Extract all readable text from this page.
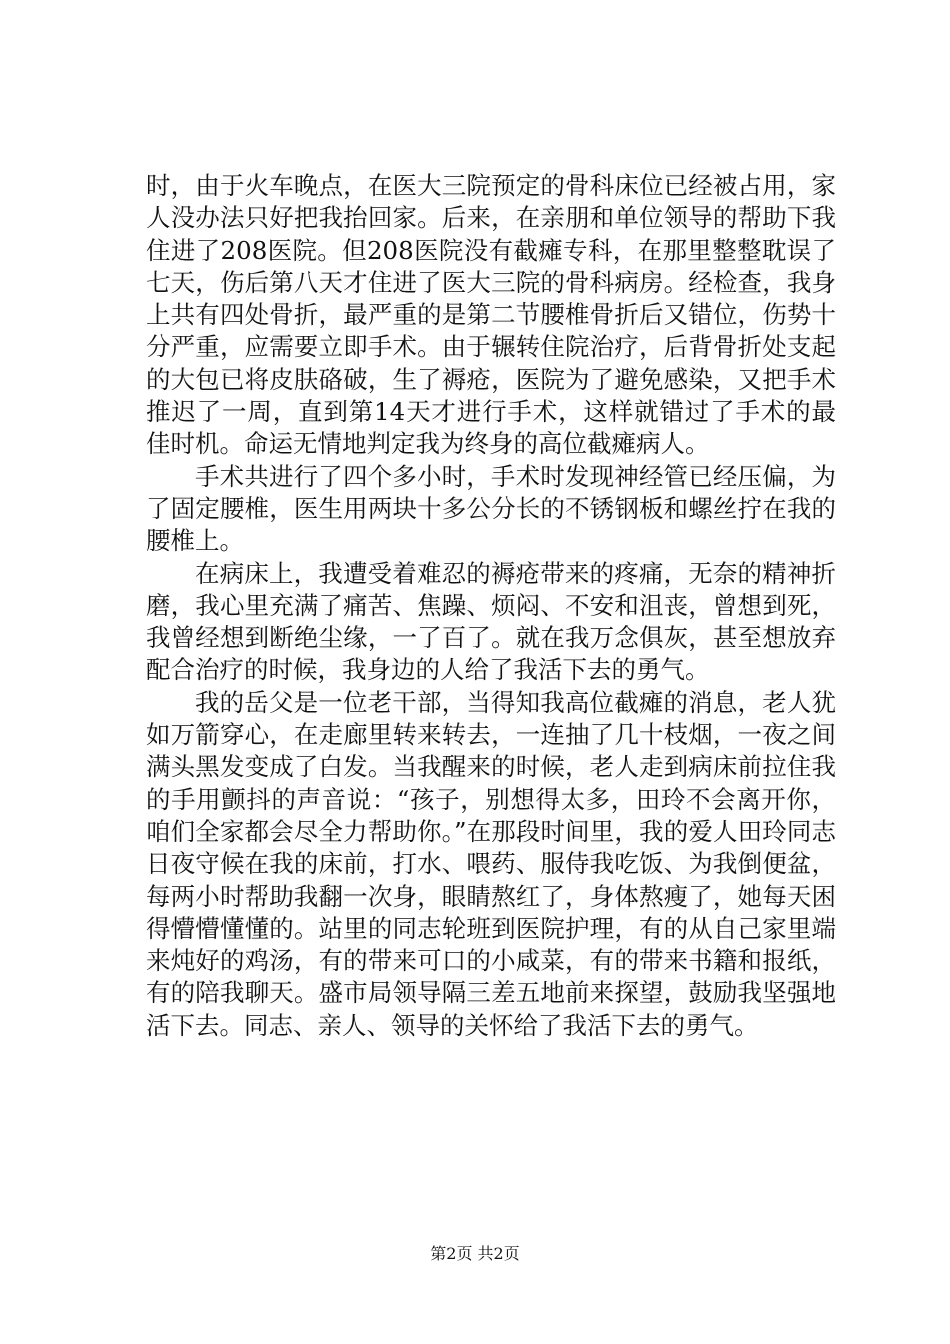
时，由于火车晚点，在医大三院预定的骨科床位已经被占用，家人没办法只好把我抬回家。后来，在亲朋和单位领导的帮助下我住进了208医院。但208医院没有截瘫专科，在那里整整耽误了七天，伤后第八天才住进了医大三院的骨科病房。经检查，我身上共有四处骨折，最严重的是第二节腰椎骨折后又错位，伤势十分严重，应需要立即手术。由于辗转住院治疗，后背骨折处支起的大包已将皮肤硌破，生了褥疮，医院为了避免感染，又把手术推迟了一周，直到第14天才进行手术，这样就错过了手术的最佳时机。命运无情地判定我为终身的高位截瘫病人。

手术共进行了四个多小时，手术时发现神经管已经压偏，为了固定腰椎，医生用两块十多公分长的不锈钢板和螺丝拧在我的腰椎上。

在病床上，我遭受着难忍的褥疮带来的疼痛，无奈的精神折磨，我心里充满了痛苦、焦躁、烦闷、不安和沮丧，曾想到死，我曾经想到断绝尘缘，一了百了。就在我万念俱灰，甚至想放弃配合治疗的时候，我身边的人给了我活下去的勇气。

我的岳父是一位老干部，当得知我高位截瘫的消息，老人犹如万箭穿心，在走廊里转来转去，一连抽了几十枝烟，一夜之间满头黑发变成了白发。当我醒来的时候，老人走到病床前拉住我的手用颤抖的声音说：“孩子，别想得太多，田玲不会离开你，咱们全家都会尽全力帮助你。”在那段时间里，我的爱人田玲同志日夜守候在我的床前，打水、喂药、服侍我吃饭、为我倒便盆，每两小时帮助我翻一次身，眼睛熬红了，身体熬瘦了，她每天困得懵懵懂懂的。站里的同志轮班到医院护理，有的从自己家里端来炖好的鸡汤，有的带来可口的小咸菜，有的带来书籍和报纸，有的陪我聊天。盛市局领导隔三差五地前来探望，鼓励我坚强地活下去。同志、亲人、领导的关怀给了我活下去的勇气。

第2页 共2页
